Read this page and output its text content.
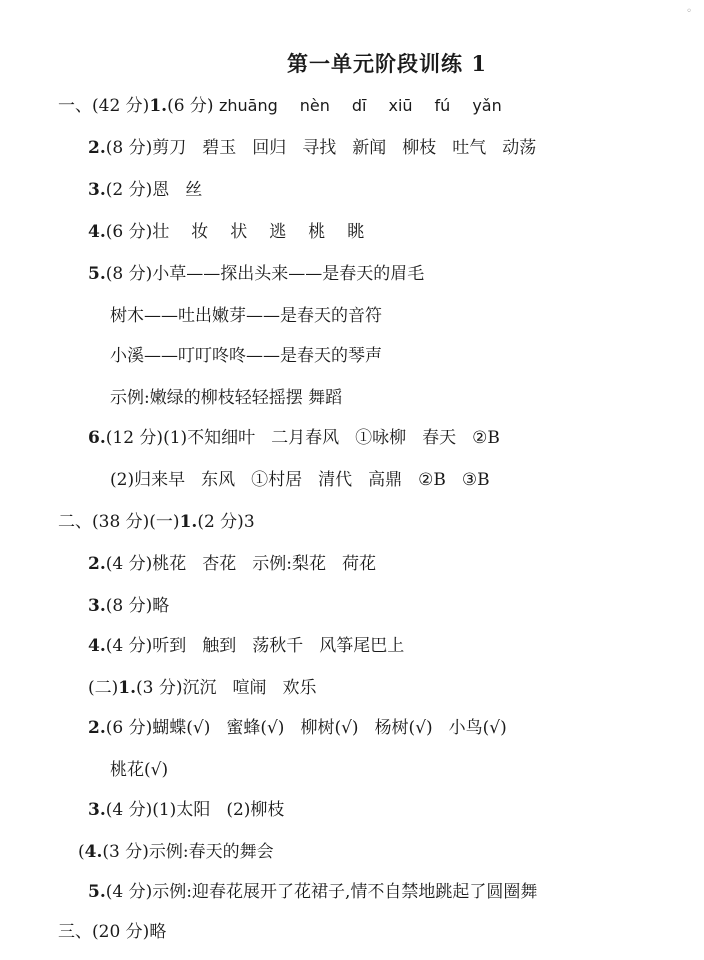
◦
第一单元阶段训练 1
一、(42 分)1.(6 分) zhuāng nèn dī xiū fú yǎn
2.(8 分)剪刀 碧玉 回归 寻找 新闻 柳枝 吐气 动荡
3.(2 分)恩 丝
4.(6 分)壮 妆 状 逃 桃 眺
5.(8 分)小草——探出头来——是春天的眉毛
树木——吐出嫩芽——是春天的音符
小溪——叮叮咚咚——是春天的琴声
示例:嫩绿的柳枝轻轻摇摆 舞蹈
6.(12 分)(1)不知细叶 二月春风 ①咏柳 春天 ②B
(2)归来早 东风 ①村居 清代 高鼎 ②B ③B
二、(38 分)(一)1.(2 分)3
2.(4 分)桃花 杏花 示例:梨花 荷花
3.(8 分)略
4.(4 分)听到 触到 荡秋千 风筝尾巴上
(二)1.(3 分)沉沉 喧闹 欢乐
2.(6 分)蝴蝶(√) 蜜蜂(√) 柳树(√) 杨树(√) 小鸟(√)
桃花(√)
3.(4 分)(1)太阳 (2)柳枝
(4.(3 分)示例:春天的舞会
5.(4 分)示例:迎春花展开了花裙子,情不自禁地跳起了圆圈舞
三、(20 分)略
